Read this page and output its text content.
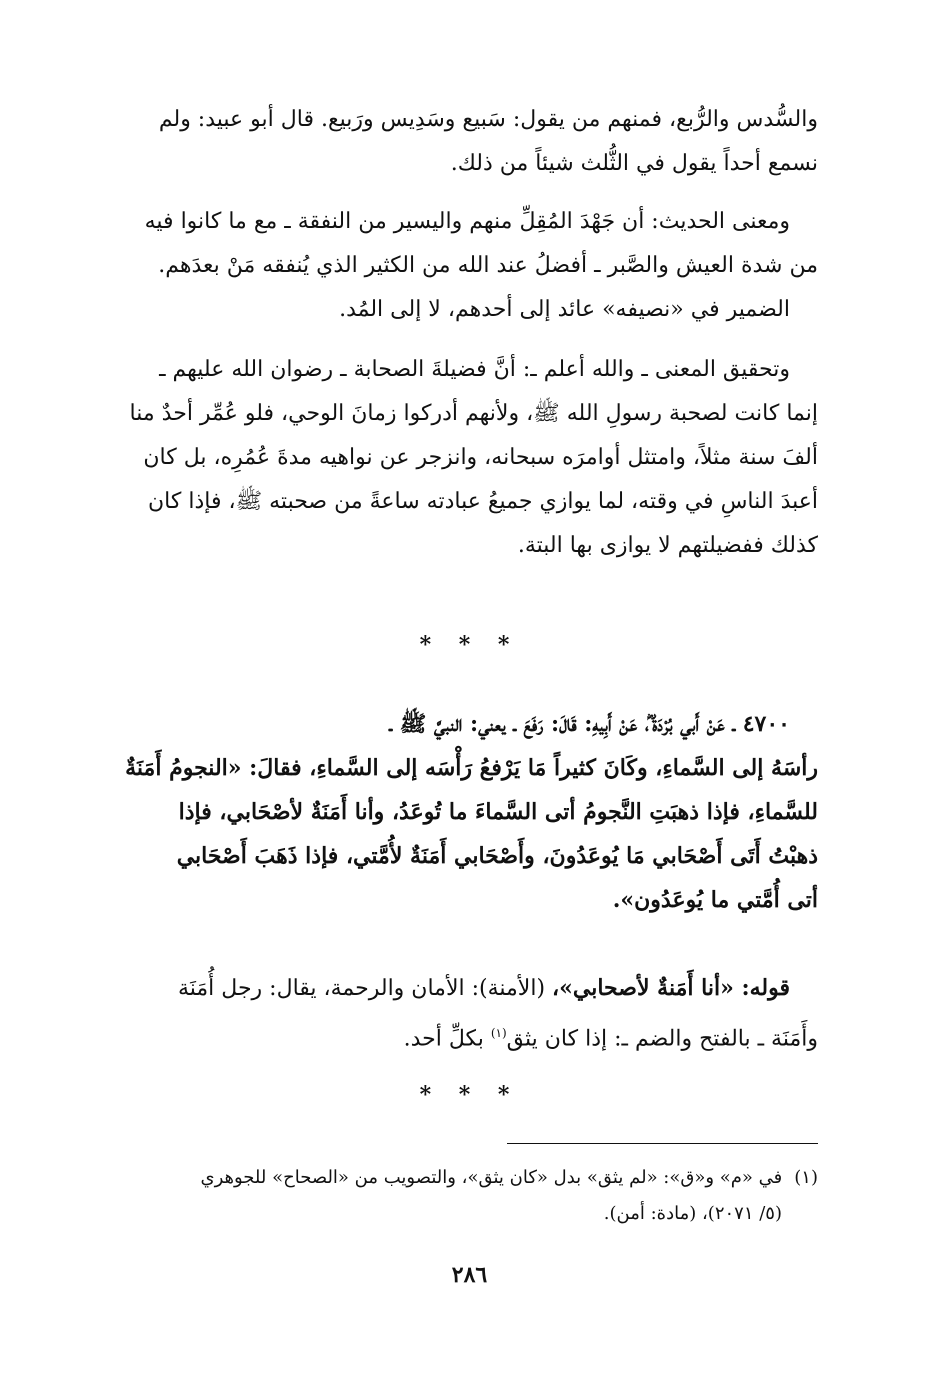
والسُّدس والرُّبع، فمنهم من يقول: سَبيع وسَدِيس ورَبيع. قال أبو عبيد: ولم
نسمع أحداً يقول في الثُّلث شيئاً من ذلك.

ومعنى الحديث: أن جَهْدَ المُقِلِّ منهم واليسير من النفقة ـ مع ما كانوا فيه
من شدة العيش والصَّبر ـ أفضلُ عند الله من الكثير الذي يُنفقه مَنْ بعدَهم.

الضمير في «نصيفه» عائد إلى أحدهم، لا إلى المُد.

وتحقيق المعنى ـ والله أعلم ـ: أنَّ فضيلةَ الصحابة ـ رضوان الله عليهم ـ
إنما كانت لصحبة رسولِ الله ﷺ، ولأنهم أدركوا زمانَ الوحي، فلو عُمِّر أحدٌ منا
ألفَ سنة مثلاً، وامتثل أوامرَه سبحانه، وانزجر عن نواهيه مدةَ عُمُرِه، بل كان
أعبدَ الناسِ في وقته، لما يوازي جميعُ عبادته ساعةً من صحبته ﷺ، فإذا كان
كذلك ففضيلتهم لا يوازى بها البتة.

* * *

٤٧٠٠ ـ عَنْ أَبي بُرْدَةَ ؓ، عَنْ أَبِيهِ: قَالَ: رَفَعَ ـ يعني: النبيَّ ﷺ ـ
رأسَهُ إلى السَّماءِ، وكَانَ كثيراً مَا يَرْفعُ رَأْسَه إلى السَّماءِ، فقالَ: «النجومُ أَمَنَةٌ
للسَّماءِ، فإذا ذهبَتِ النَّجومُ أتى السَّماءَ ما تُوعَدُ، وأنا أَمَنَةٌ لأصْحَابي، فإذا
ذهبْتُ أَتَى أَصْحَابي مَا يُوعَدُونَ، وأَصْحَابي أَمَنَةٌ لأُمَّتي، فإذا ذَهَبَ أَصْحَابي
أتى أُمَّتي ما يُوعَدُون».

قوله: «أنا أَمَنةٌ لأصحابي»، (الأمنة): الأمان والرحمة، يقال: رجل أُمَنَة
وأَمَنَة ـ بالفتح والضم ـ: إذا كان يثق$^{(١)}$ بكلِّ أحد.

* * *
(١)في «م» و«ق»: «لم يثق» بدل «كان يثق»، والتصويب من «الصحاح» للجوهري
(٥/ ٢٠٧١)، (مادة: أمن).
٢٨٦
